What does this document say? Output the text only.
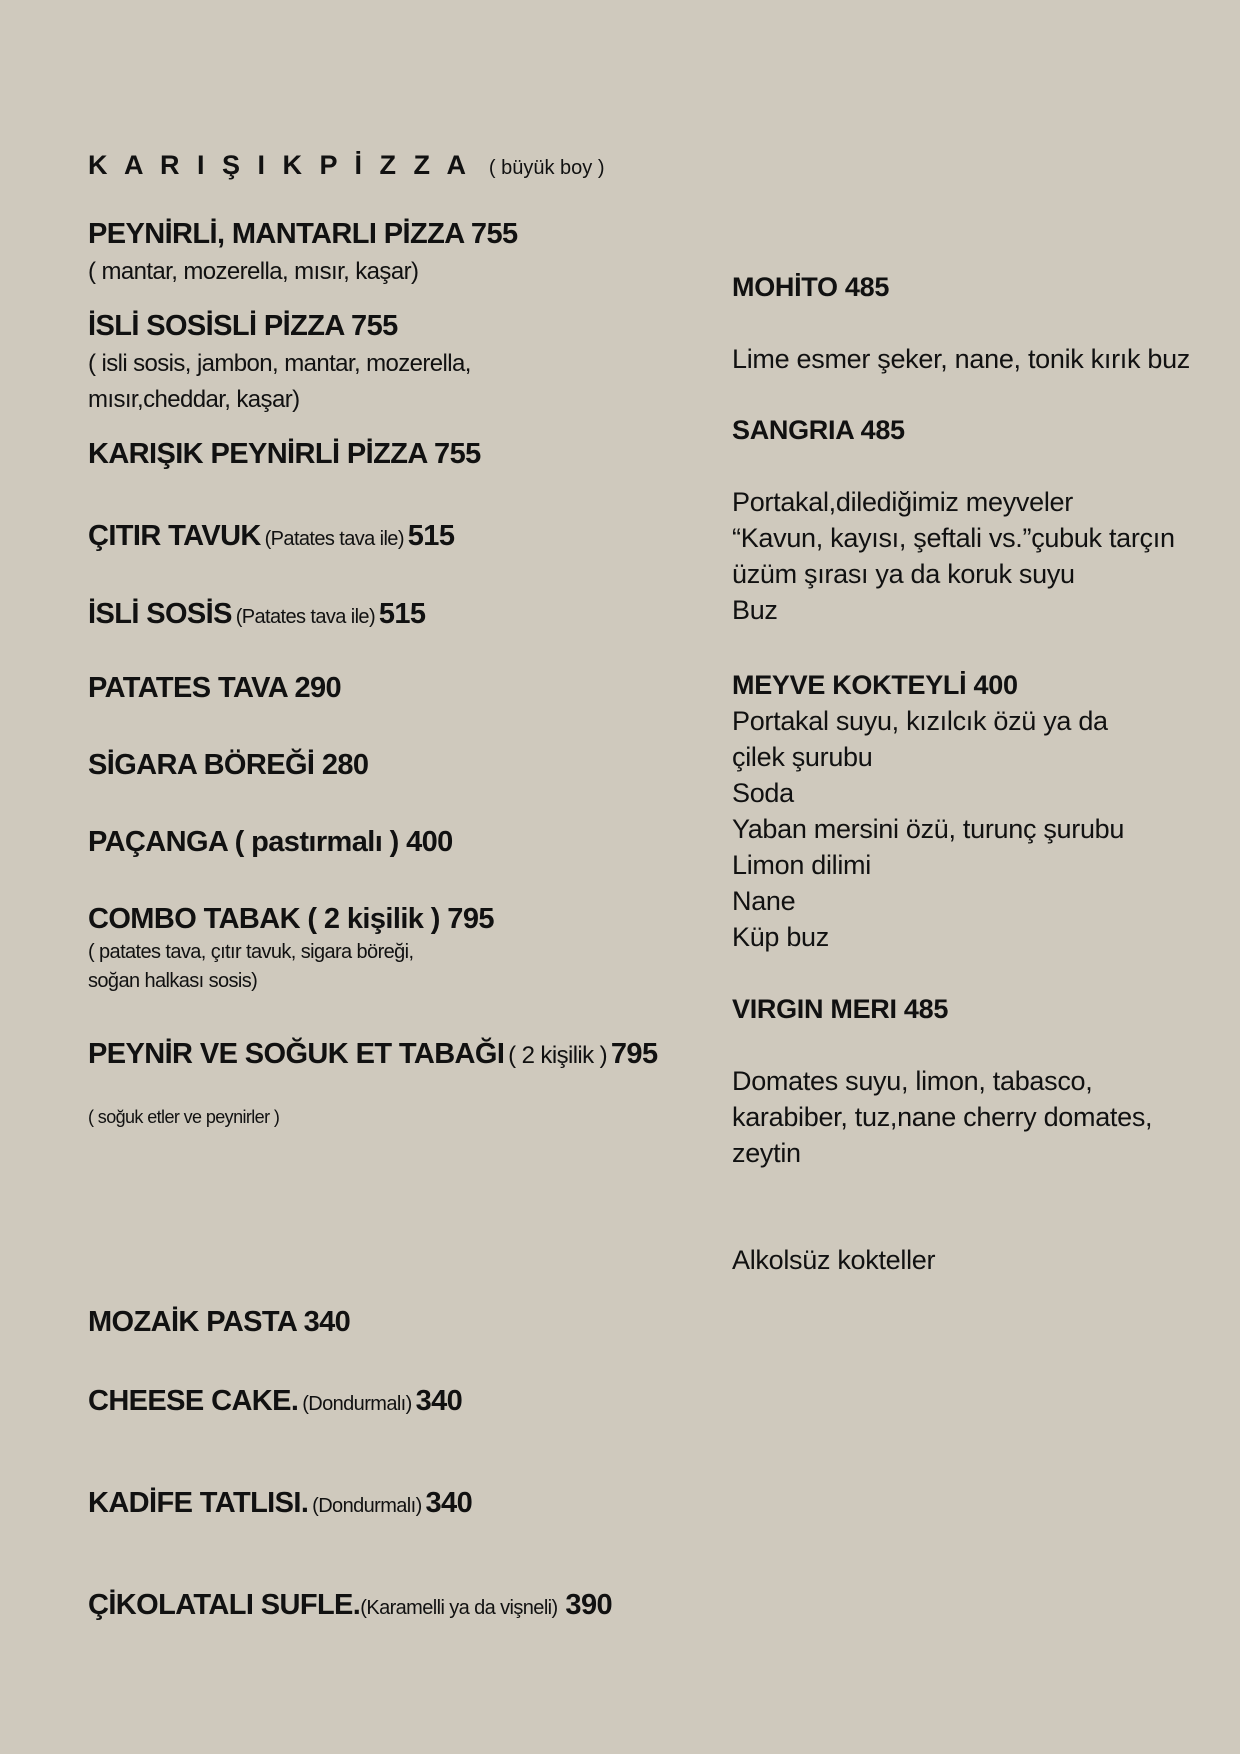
K A R I Ş I K P İ Z Z A ( büyük boy )
PEYNİRLİ, MANTARLI PİZZA 755
( mantar, mozerella, mısır, kaşar)
İSLİ SOSİSLİ PİZZA 755
( isli sosis, jambon, mantar, mozerella,
mısır,cheddar, kaşar)
KARIŞIK PEYNİRLİ PİZZA 755
ÇITIR TAVUK (Patates tava ile) 515
İSLİ SOSİS (Patates tava ile) 515
PATATES TAVA 290
SİGARA BÖREĞİ 280
PAÇANGA ( pastırmalı ) 400
COMBO TABAK ( 2 kişilik ) 795
( patates tava, çıtır tavuk, sigara böreği,
soğan halkası sosis)
PEYNİR VE SOĞUK ET TABAĞI ( 2 kişilik ) 795
( soğuk etler ve peynirler )
MOZAİK PASTA 340
CHEESE CAKE. (Dondurmalı) 340
KADİFE TATLISI. (Dondurmalı) 340
ÇİKOLATALI SUFLE.(Karamelli ya da vişneli) 390
MOHİTO 485
Lime esmer şeker, nane, tonik kırık buz
SANGRIA 485
Portakal,dilediğimiz meyveler
“Kavun, kayısı, şeftali vs.”çubuk tarçın
üzüm şırası ya da koruk suyu
Buz
MEYVE KOKTEYLİ 400
Portakal suyu, kızılcık özü ya da
çilek şurubu
Soda
Yaban mersini özü, turunç şurubu
Limon dilimi
Nane
Küp buz
VIRGIN MERI 485
Domates suyu, limon, tabasco,
karabiber, tuz,nane cherry domates,
zeytin
Alkolsüz kokteller
